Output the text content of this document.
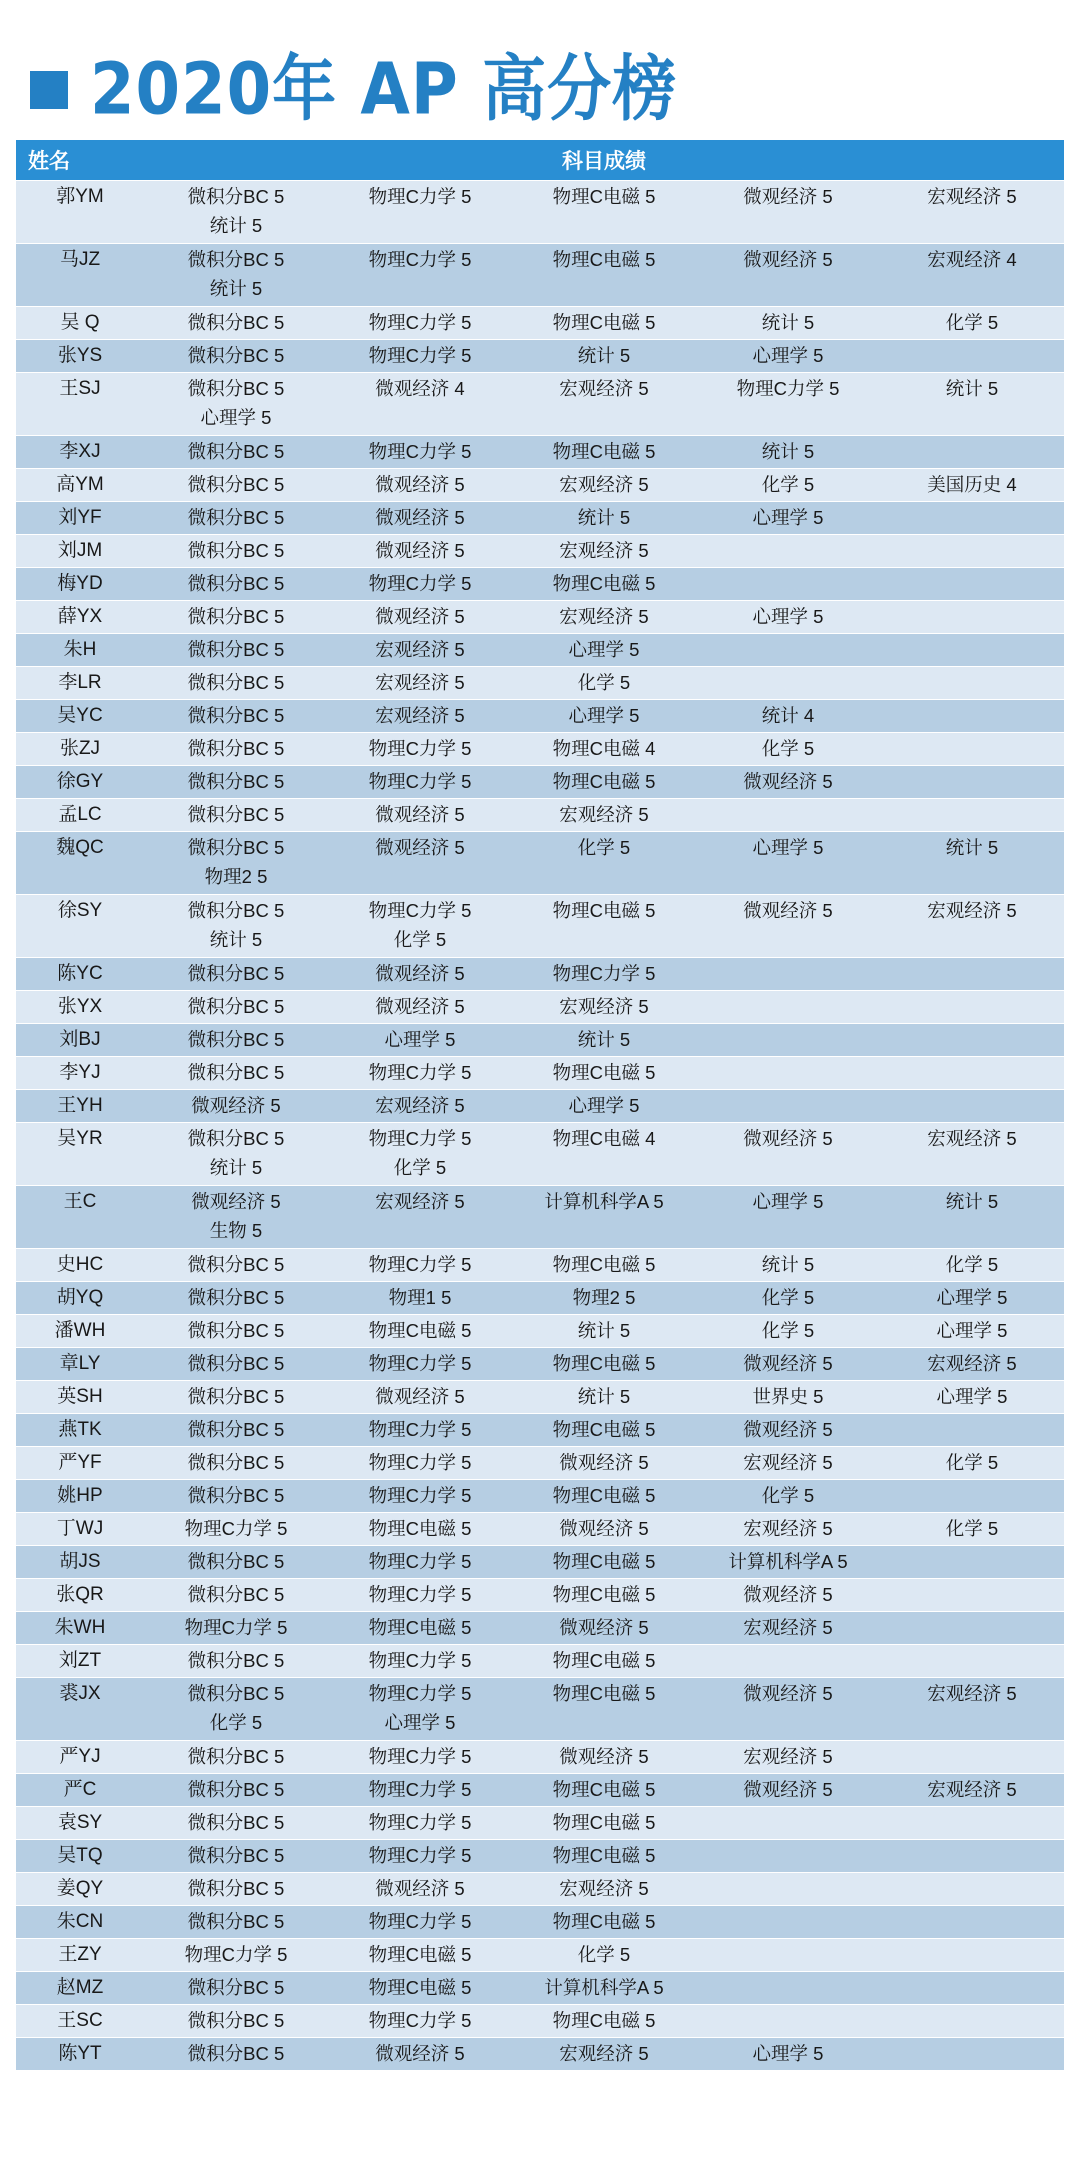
2020年 AP 高分榜
姓名	科目成绩				
郭YM	微积分BC 5	物理C力学 5	物理C电磁 5	微观经济 5	宏观经济 5
	统计 5				
马JZ	微积分BC 5	物理C力学 5	物理C电磁 5	微观经济 5	宏观经济 4
	统计 5				
吴 Q	微积分BC 5	物理C力学 5	物理C电磁 5	统计 5	化学 5
张YS	微积分BC 5	物理C力学 5	统计 5	心理学 5	
王SJ	微积分BC 5	微观经济 4	宏观经济 5	物理C力学 5	统计 5
	心理学 5				
李XJ	微积分BC 5	物理C力学 5	物理C电磁 5	统计 5	
高YM	微积分BC 5	微观经济 5	宏观经济 5	化学 5	美国历史 4
刘YF	微积分BC 5	微观经济 5	统计 5	心理学 5	
刘JM	微积分BC 5	微观经济 5	宏观经济 5		
梅YD	微积分BC 5	物理C力学 5	物理C电磁 5		
薛YX	微积分BC 5	微观经济 5	宏观经济 5	心理学 5	
朱H	微积分BC 5	宏观经济 5	心理学 5		
李LR	微积分BC 5	宏观经济 5	化学 5		
吴YC	微积分BC 5	宏观经济 5	心理学 5	统计 4	
张ZJ	微积分BC 5	物理C力学 5	物理C电磁 4	化学 5	
徐GY	微积分BC 5	物理C力学 5	物理C电磁 5	微观经济 5	
孟LC	微积分BC 5	微观经济 5	宏观经济 5		
魏QC	微积分BC 5	微观经济 5	化学 5	心理学 5	统计 5
	物理2 5				
徐SY	微积分BC 5	物理C力学 5	物理C电磁 5	微观经济 5	宏观经济 5
	统计 5	化学 5			
陈YC	微积分BC 5	微观经济 5	物理C力学 5		
张YX	微积分BC 5	微观经济 5	宏观经济 5		
刘BJ	微积分BC 5	心理学 5	统计 5		
李YJ	微积分BC 5	物理C力学 5	物理C电磁 5		
王YH	微观经济 5	宏观经济 5	心理学 5		
吴YR	微积分BC 5	物理C力学 5	物理C电磁 4	微观经济 5	宏观经济 5
	统计 5	化学 5			
王C	微观经济 5	宏观经济 5	计算机科学A 5	心理学 5	统计 5
	生物 5				
史HC	微积分BC 5	物理C力学 5	物理C电磁 5	统计 5	化学 5
胡YQ	微积分BC 5	物理1 5	物理2 5	化学 5	心理学 5
潘WH	微积分BC 5	物理C电磁 5	统计 5	化学 5	心理学 5
章LY	微积分BC 5	物理C力学 5	物理C电磁 5	微观经济 5	宏观经济 5
英SH	微积分BC 5	微观经济 5	统计 5	世界史 5	心理学 5
燕TK	微积分BC 5	物理C力学 5	物理C电磁 5	微观经济 5	
严YF	微积分BC 5	物理C力学 5	微观经济 5	宏观经济 5	化学 5
姚HP	微积分BC 5	物理C力学 5	物理C电磁 5	化学 5	
丁WJ	物理C力学 5	物理C电磁 5	微观经济 5	宏观经济 5	化学 5
胡JS	微积分BC 5	物理C力学 5	物理C电磁 5	计算机科学A 5	
张QR	微积分BC 5	物理C力学 5	物理C电磁 5	微观经济 5	
朱WH	物理C力学 5	物理C电磁 5	微观经济 5	宏观经济 5	
刘ZT	微积分BC 5	物理C力学 5	物理C电磁 5		
裘JX	微积分BC 5	物理C力学 5	物理C电磁 5	微观经济 5	宏观经济 5
	化学 5	心理学 5			
严YJ	微积分BC 5	物理C力学 5	微观经济 5	宏观经济 5	
严C	微积分BC 5	物理C力学 5	物理C电磁 5	微观经济 5	宏观经济 5
袁SY	微积分BC 5	物理C力学 5	物理C电磁 5		
吴TQ	微积分BC 5	物理C力学 5	物理C电磁 5		
姜QY	微积分BC 5	微观经济 5	宏观经济 5		
朱CN	微积分BC 5	物理C力学 5	物理C电磁 5		
王ZY	物理C力学 5	物理C电磁 5	化学 5		
赵MZ	微积分BC 5	物理C电磁 5	计算机科学A 5		
王SC	微积分BC 5	物理C力学 5	物理C电磁 5		
陈YT	微积分BC 5	微观经济 5	宏观经济 5	心理学 5	
